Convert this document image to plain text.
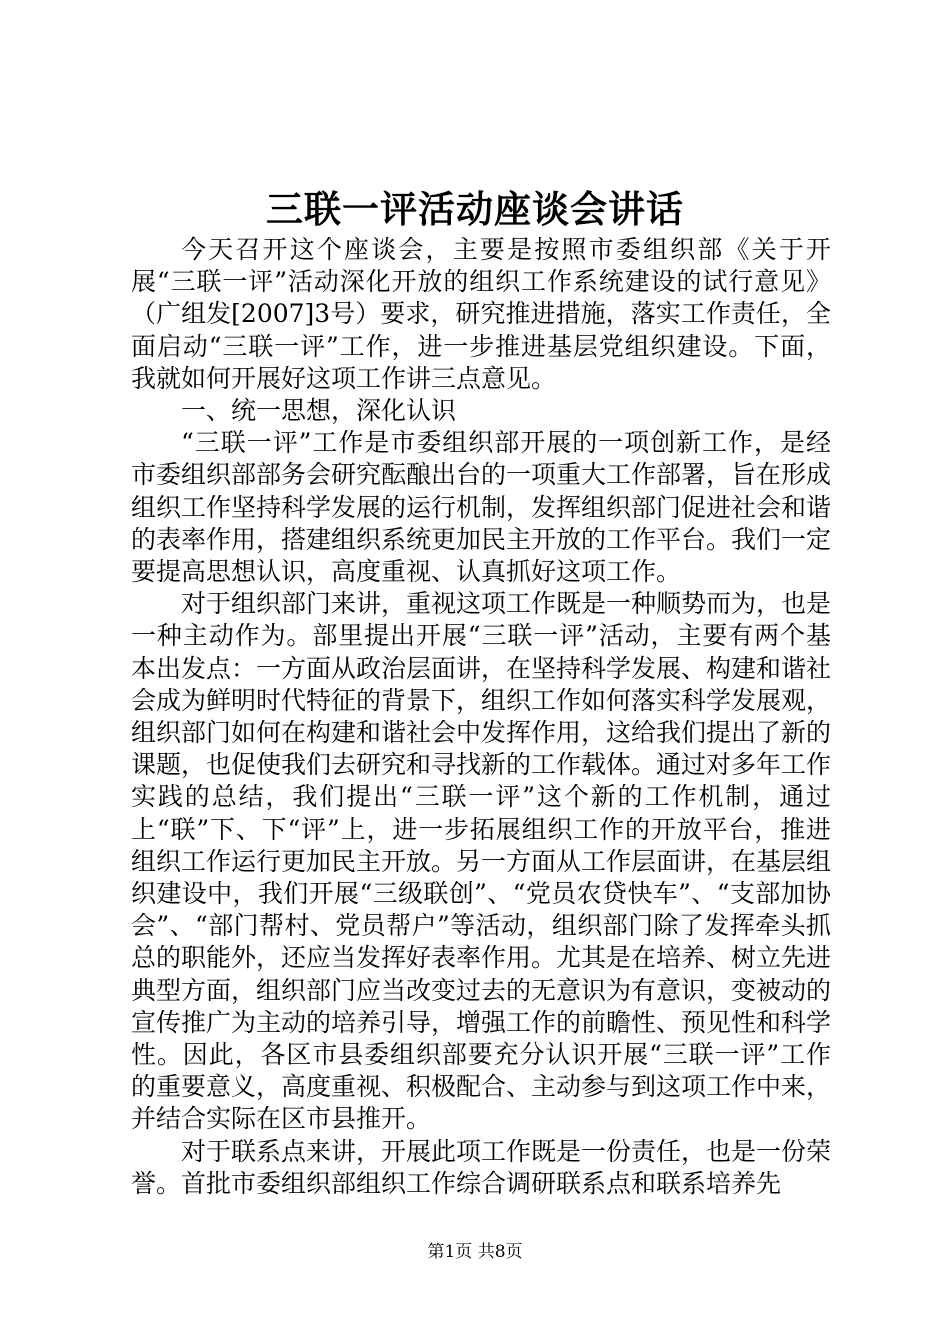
三联一评活动座谈会讲话

今天召开这个座谈会，主要是按照市委组织部《关于开展“三联一评”活动深化开放的组织工作系统建设的试行意见》（广组发[2007]3号）要求，研究推进措施，落实工作责任，全面启动“三联一评”工作，进一步推进基层党组织建设。下面，我就如何开展好这项工作讲三点意见。

一、统一思想，深化认识

“三联一评”工作是市委组织部开展的一项创新工作，是经市委组织部部务会研究酝酿出台的一项重大工作部署，旨在形成组织工作坚持科学发展的运行机制，发挥组织部门促进社会和谐的表率作用，搭建组织系统更加民主开放的工作平台。我们一定要提高思想认识，高度重视、认真抓好这项工作。

对于组织部门来讲，重视这项工作既是一种顺势而为，也是一种主动作为。部里提出开展“三联一评”活动，主要有两个基本出发点：一方面从政治层面讲，在坚持科学发展、构建和谐社会成为鲜明时代特征的背景下，组织工作如何落实科学发展观，组织部门如何在构建和谐社会中发挥作用，这给我们提出了新的课题，也促使我们去研究和寻找新的工作载体。通过对多年工作实践的总结，我们提出“三联一评”这个新的工作机制，通过上“联”下、下“评”上，进一步拓展组织工作的开放平台，推进组织工作运行更加民主开放。另一方面从工作层面讲，在基层组织建设中，我们开展“三级联创”、“党员农贷快车”、“支部加协会”、“部门帮村、党员帮户”等活动，组织部门除了发挥牵头抓总的职能外，还应当发挥好表率作用。尤其是在培养、树立先进典型方面，组织部门应当改变过去的无意识为有意识，变被动的宣传推广为主动的培养引导，增强工作的前瞻性、预见性和科学性。因此，各区市县委组织部要充分认识开展“三联一评”工作的重要意义，高度重视、积极配合、主动参与到这项工作中来，并结合实际在区市县推开。

对于联系点来讲，开展此项工作既是一份责任，也是一份荣誉。首批市委组织部组织工作综合调研联系点和联系培养先

第1页 共8页
